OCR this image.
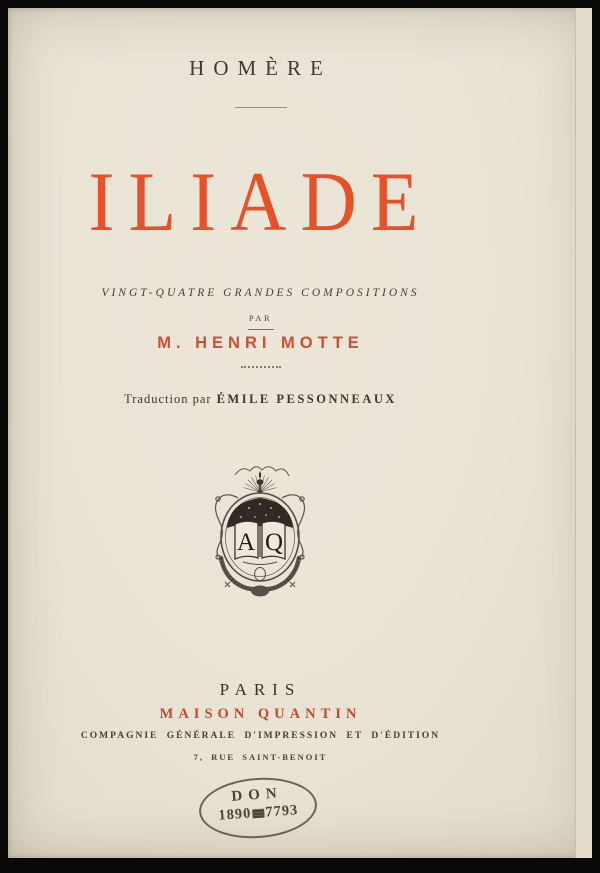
HOMÈRE
ILIADE
VINGT-QUATRE GRANDES COMPOSITIONS
PAR
M. HENRI MOTTE
Traduction par ÉMILE PESSONNEAUX
A Q
PARIS
MAISON QUANTIN
COMPAGNIE GÉNÉRALE D'IMPRESSION ET D'ÉDITION
7, RUE SAINT-BENOIT
DON
1890 7793
